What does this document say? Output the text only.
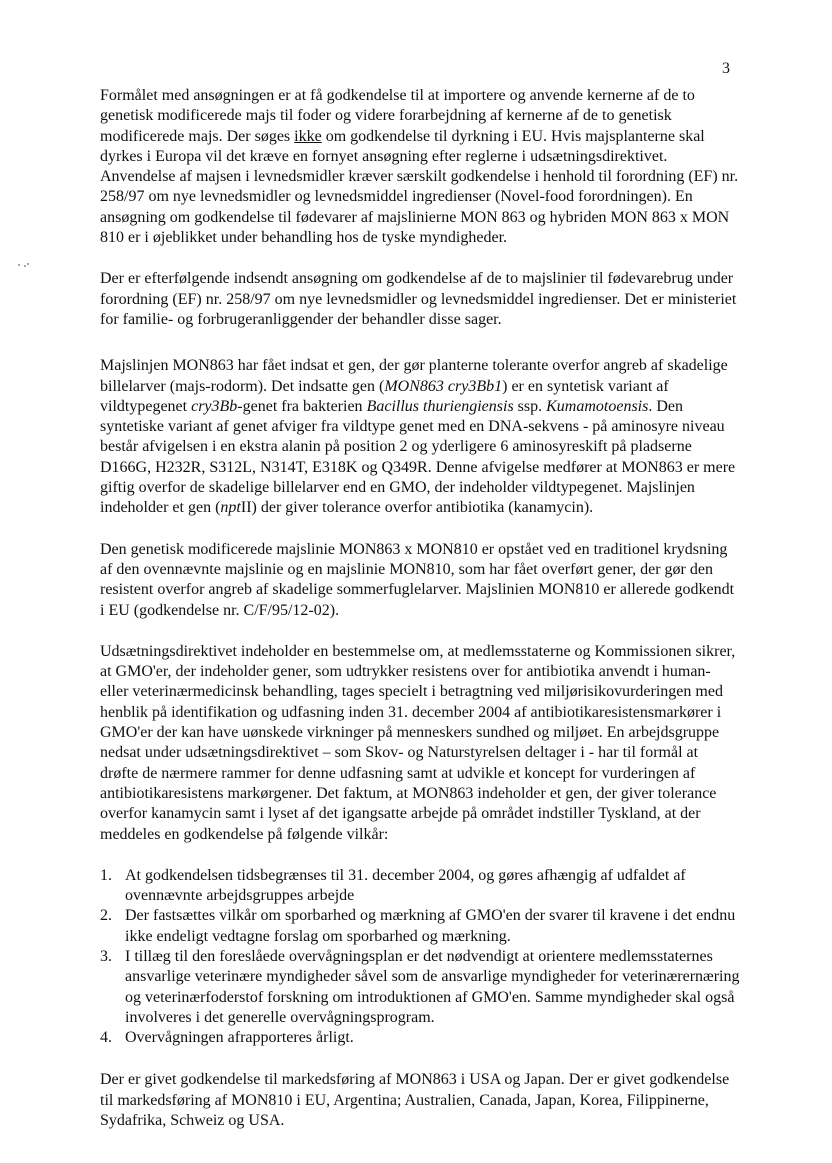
3

Formålet med ansøgningen er at få godkendelse til at importere og anvende kernerne af de to genetisk modificerede majs til foder og videre forarbejdning af kernerne af de to genetisk modificerede majs. Der søges ikke om godkendelse til dyrkning i EU. Hvis majsplanterne skal dyrkes i Europa vil det kræve en fornyet ansøgning efter reglerne i udsætningsdirektivet. Anvendelse af majsen i levnedsmidler kræver særskilt godkendelse i henhold til forordning (EF) nr. 258/97 om nye levnedsmidler og levnedsmiddel ingredienser (Novel-food forordningen). En ansøgning om godkendelse til fødevarer af majslinierne MON 863 og hybriden MON 863 x MON 810 er i øjeblikket under behandling hos de tyske myndigheder.

Der er efterfølgende indsendt ansøgning om godkendelse af de to majslinier til fødevarebrug under forordning (EF) nr. 258/97 om nye levnedsmidler og levnedsmiddel ingredienser. Det er ministeriet for familie- og forbrugeranliggender der behandler disse sager.

Majslinjen MON863 har fået indsat et gen, der gør planterne tolerante overfor angreb af skadelige billelarver (majs-rodorm). Det indsatte gen (MON863 cry3Bb1) er en syntetisk variant af vildtypegenet cry3Bb-genet fra bakterien Bacillus thuriengiensis ssp. Kumamotoensis. Den syntetiske variant af genet afviger fra vildtype genet med en DNA-sekvens - på aminosyre niveau består afvigelsen i en ekstra alanin på position 2 og yderligere 6 aminosyreskift på pladserne D166G, H232R, S312L, N314T, E318K og Q349R. Denne afvigelse medfører at MON863 er mere giftig overfor de skadelige billelarver end en GMO, der indeholder vildtypegenet. Majslinjen indeholder et gen (nptII) der giver tolerance overfor antibiotika (kanamycin).

Den genetisk modificerede majslinie MON863 x MON810 er opstået ved en traditionel krydsning af den ovennævnte majslinie og en majslinie MON810, som har fået overført gener, der gør den resistent overfor angreb af skadelige sommerfuglelarver. Majslinien MON810 er allerede godkendt i EU (godkendelse nr. C/F/95/12-02).

Udsætningsdirektivet indeholder en bestemmelse om, at medlemsstaterne og Kommissionen sikrer, at GMO'er, der indeholder gener, som udtrykker resistens over for antibiotika anvendt i human- eller veterinærmedicinsk behandling, tages specielt i betragtning ved miljørisikovurderingen med henblik på identifikation og udfasning inden 31. december 2004 af antibiotikaresistensmarkører i GMO'er der kan have uønskede virkninger på menneskers sundhed og miljøet. En arbejdsgruppe nedsat under udsætningsdirektivet – som Skov- og Naturstyrelsen deltager i - har til formål at drøfte de nærmere rammer for denne udfasning samt at udvikle et koncept for vurderingen af antibiotikaresistens markørgener. Det faktum, at MON863 indeholder et gen, der giver tolerance overfor kanamycin samt i lyset af det igangsatte arbejde på området indstiller Tyskland, at der meddeles en godkendelse på følgende vilkår:

1. At godkendelsen tidsbegrænses til 31. december 2004, og gøres afhængig af udfaldet af ovennævnte arbejdsgruppes arbejde
2. Der fastsættes vilkår om sporbarhed og mærkning af GMO'en der svarer til kravene i det endnu ikke endeligt vedtagne forslag om sporbarhed og mærkning.
3. I tillæg til den foreslåede overvågningsplan er det nødvendigt at orientere medlemsstaternes ansvarlige veterinære myndigheder såvel som de ansvarlige myndigheder for veterinærernæring og veterinærfoderstof forskning om introduktionen af GMO'en. Samme myndigheder skal også involveres i det generelle overvågningsprogram.
4. Overvågningen afrapporteres årligt.

Der er givet godkendelse til markedsføring af MON863 i USA og Japan. Der er givet godkendelse til markedsføring af MON810 i EU, Argentina; Australien, Canada, Japan, Korea, Filippinerne, Sydafrika, Schweiz og USA.
